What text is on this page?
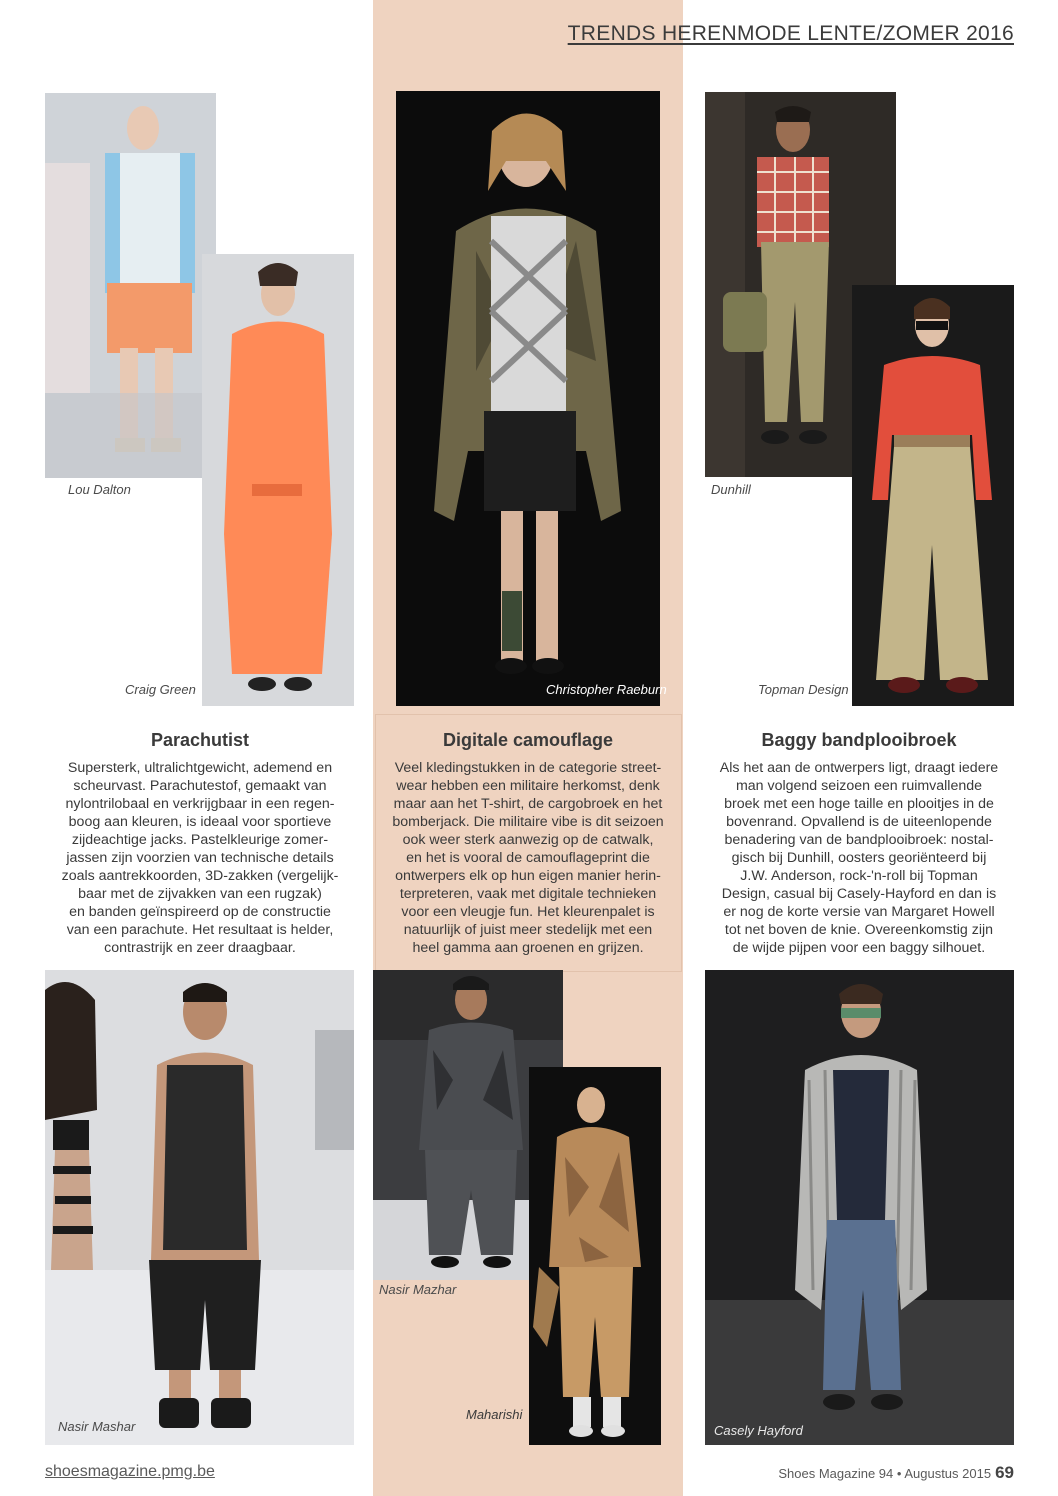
TRENDS HERENMODE LENTE/ZOMER 2016
Lou Dalton
Craig Green	Christopher Raeburn
Dunhill
Topman Design
Parachutist
Supersterk, ultralichtgewicht, ademend en
scheurvast. Parachutestof, gemaakt van
nylontrilobaal en verkrijgbaar in een regen-
boog aan kleuren, is ideaal voor sportieve
zijdeachtige jacks. Pastelkleurige zomer-
jassen zijn voorzien van technische details
zoals aantrekkoorden, 3D-zakken (vergelijk-
baar met de zijvakken van een rugzak)
en banden geïnspireerd op de constructie
van een parachute. Het resultaat is helder,
contrastrijk en zeer draagbaar.
Digitale camouflage
Veel kledingstukken in de categorie street-
wear hebben een militaire herkomst, denk
maar aan het T-shirt, de cargobroek en het
bomberjack. Die militaire vibe is dit seizoen
ook weer sterk aanwezig op de catwalk,
en het is vooral de camouflageprint die
ontwerpers elk op hun eigen manier herin-
terpreteren, vaak met digitale technieken
voor een vleugje fun. Het kleurenpalet is
natuurlijk of juist meer stedelijk met een
heel gamma aan groenen en grijzen.
Baggy bandplooibroek
Als het aan de ontwerpers ligt, draagt iedere
man volgend seizoen een ruimvallende
broek met een hoge taille en plooitjes in de
bovenrand. Opvallend is de uiteenlopende
benadering van de bandplooibroek: nostal-
gisch bij Dunhill, oosters georiënteerd bij
J.W. Anderson, rock-'n-roll bij Topman
Design, casual bij Casely-Hayford en dan is
er nog de korte versie van Margaret Howell
tot net boven de knie. Overeenkomstig zijn
de wijde pijpen voor een baggy silhouet.
Nasir Mashar
Nasir Mazhar
Maharishi
Casely Hayford
shoesmagazine.pmg.be	Shoes Magazine 94 • Augustus 2015 69
